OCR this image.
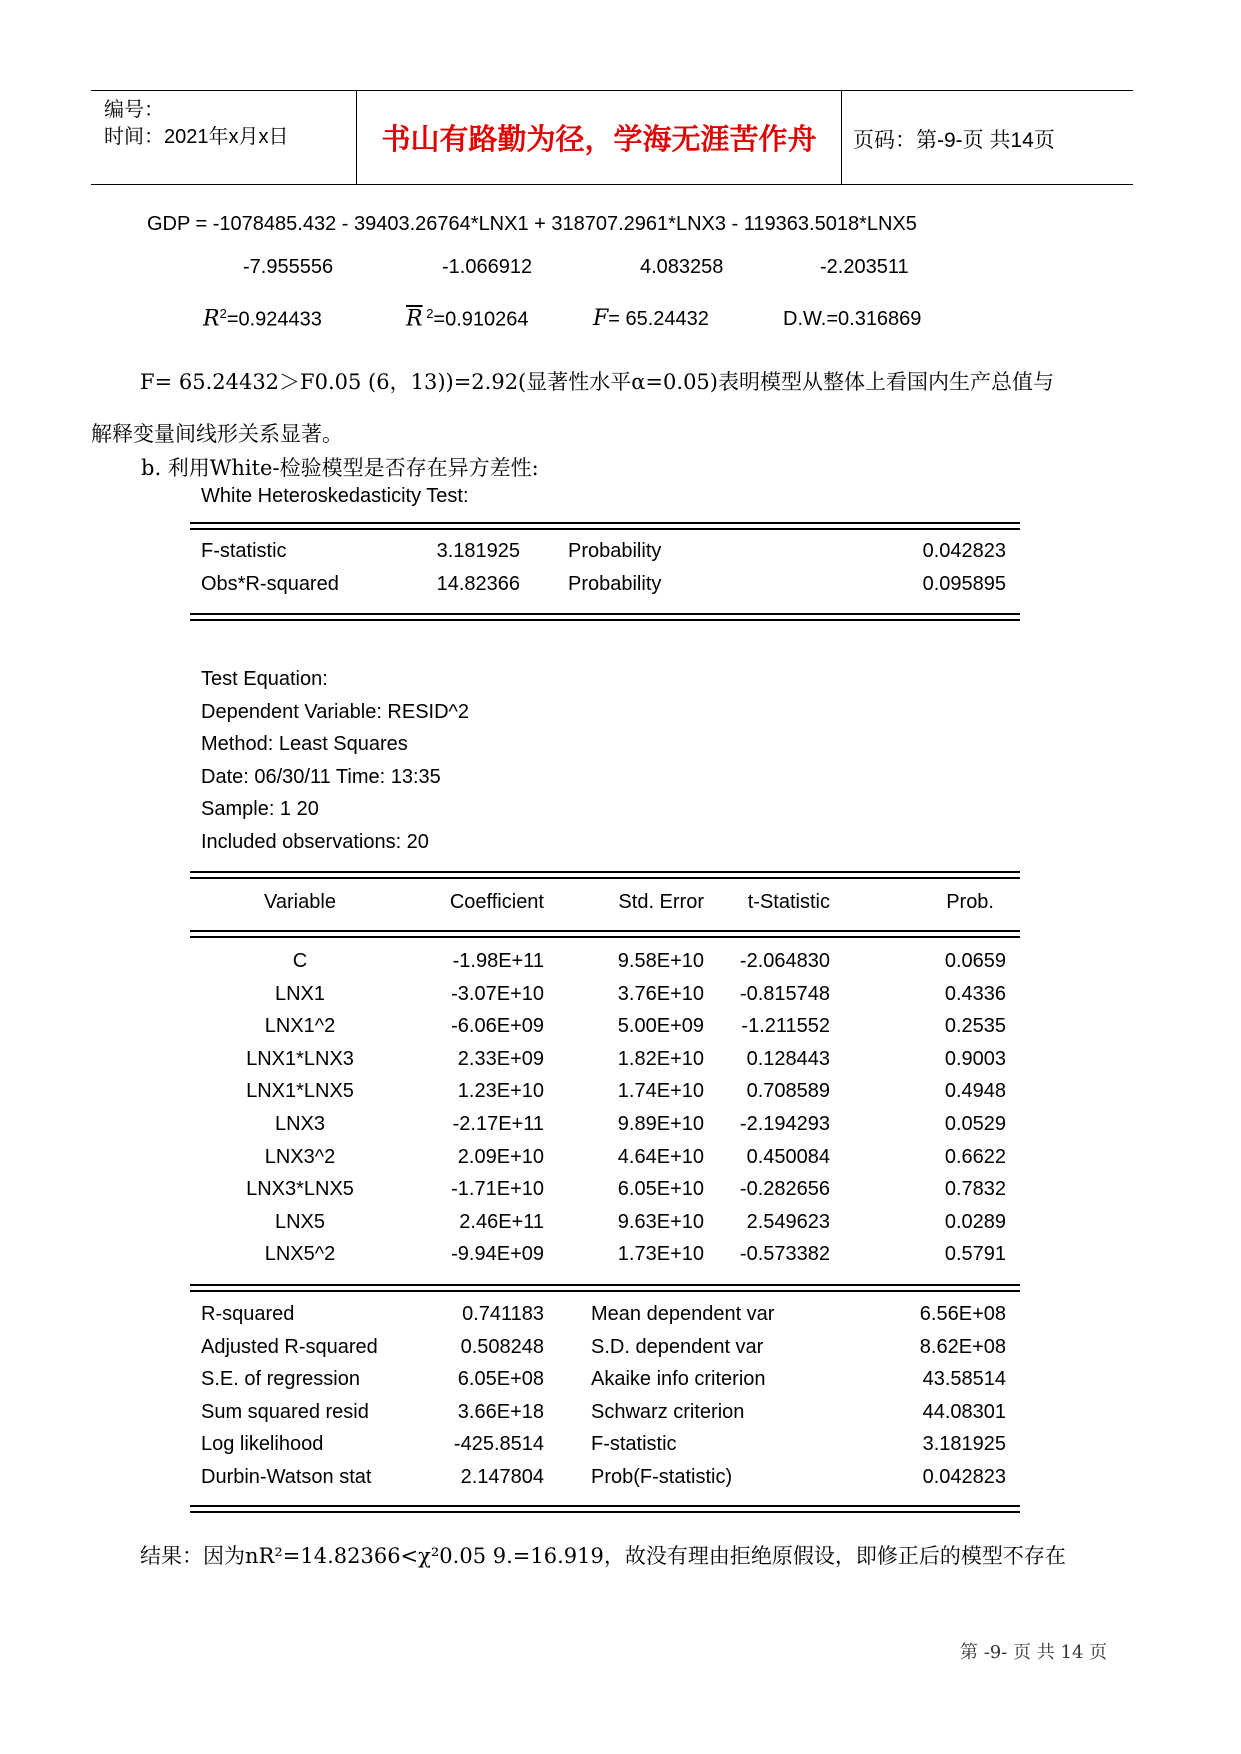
编号：
时间：2021年x月x日	书山有路勤为径，学海无涯苦作舟	页码：第-9-页 共14页
GDP = -1078485.432 - 39403.26764*LNX1 + 318707.2961*LNX3 - 119363.5018*LNX5
-7.955556	-1.066912	4.083258	-2.203511
$R^2=0.924433$	$\overline{R}$ $^2$=0.910264	F= 65.24432	D.W.=0.316869
F= 65.24432＞F0.05 (6，13))=2.92(显著性水平α=0.05)表明模型从整体上看国内生产总值与
解释变量间线形关系显著。
b. 利用White-检验模型是否存在异方差性:
White Heteroskedasticity Test:
F-statistic	3.181925 Probability	0.042823
Obs*R-squared	14.82366 Probability	0.095895
Test Equation:
Dependent Variable: RESID^2
Method: Least Squares
Date: 06/30/11 Time: 13:35
Sample: 1 20
Included observations: 20
Variable	Coefficient	Std. Error	t-Statistic	Prob.
C	-1.98E+11	9.58E+10	-2.064830	0.0659
LNX1	-3.07E+10	3.76E+10	-0.815748	0.4336
LNX1^2	-6.06E+09	5.00E+09	-1.211552	0.2535
LNX1*LNX3	2.33E+09	1.82E+10	0.128443	0.9003
LNX1*LNX5	1.23E+10	1.74E+10	0.708589	0.4948
LNX3	-2.17E+11	9.89E+10	-2.194293	0.0529
LNX3^2	2.09E+10	4.64E+10	0.450084	0.6622
LNX3*LNX5	-1.71E+10	6.05E+10	-0.282656	0.7832
LNX5	2.46E+11	9.63E+10	2.549623	0.0289
LNX5^2	-9.94E+09	1.73E+10	-0.573382	0.5791
R-squared	0.741183 Mean dependent var	6.56E+08
Adjusted R-squared	0.508248 S.D. dependent var	8.62E+08
S.E. of regression	6.05E+08 Akaike info criterion	43.58514
Sum squared resid	3.66E+18 Schwarz criterion	44.08301
Log likelihood	-425.8514 F-statistic	3.181925
Durbin-Watson stat	2.147804 Prob(F-statistic)	0.042823
结果：因为nR²=14.82366<χ²0.05 9.=16.919，故没有理由拒绝原假设，即修正后的模型不存在
第 -9- 页 共 14 页
